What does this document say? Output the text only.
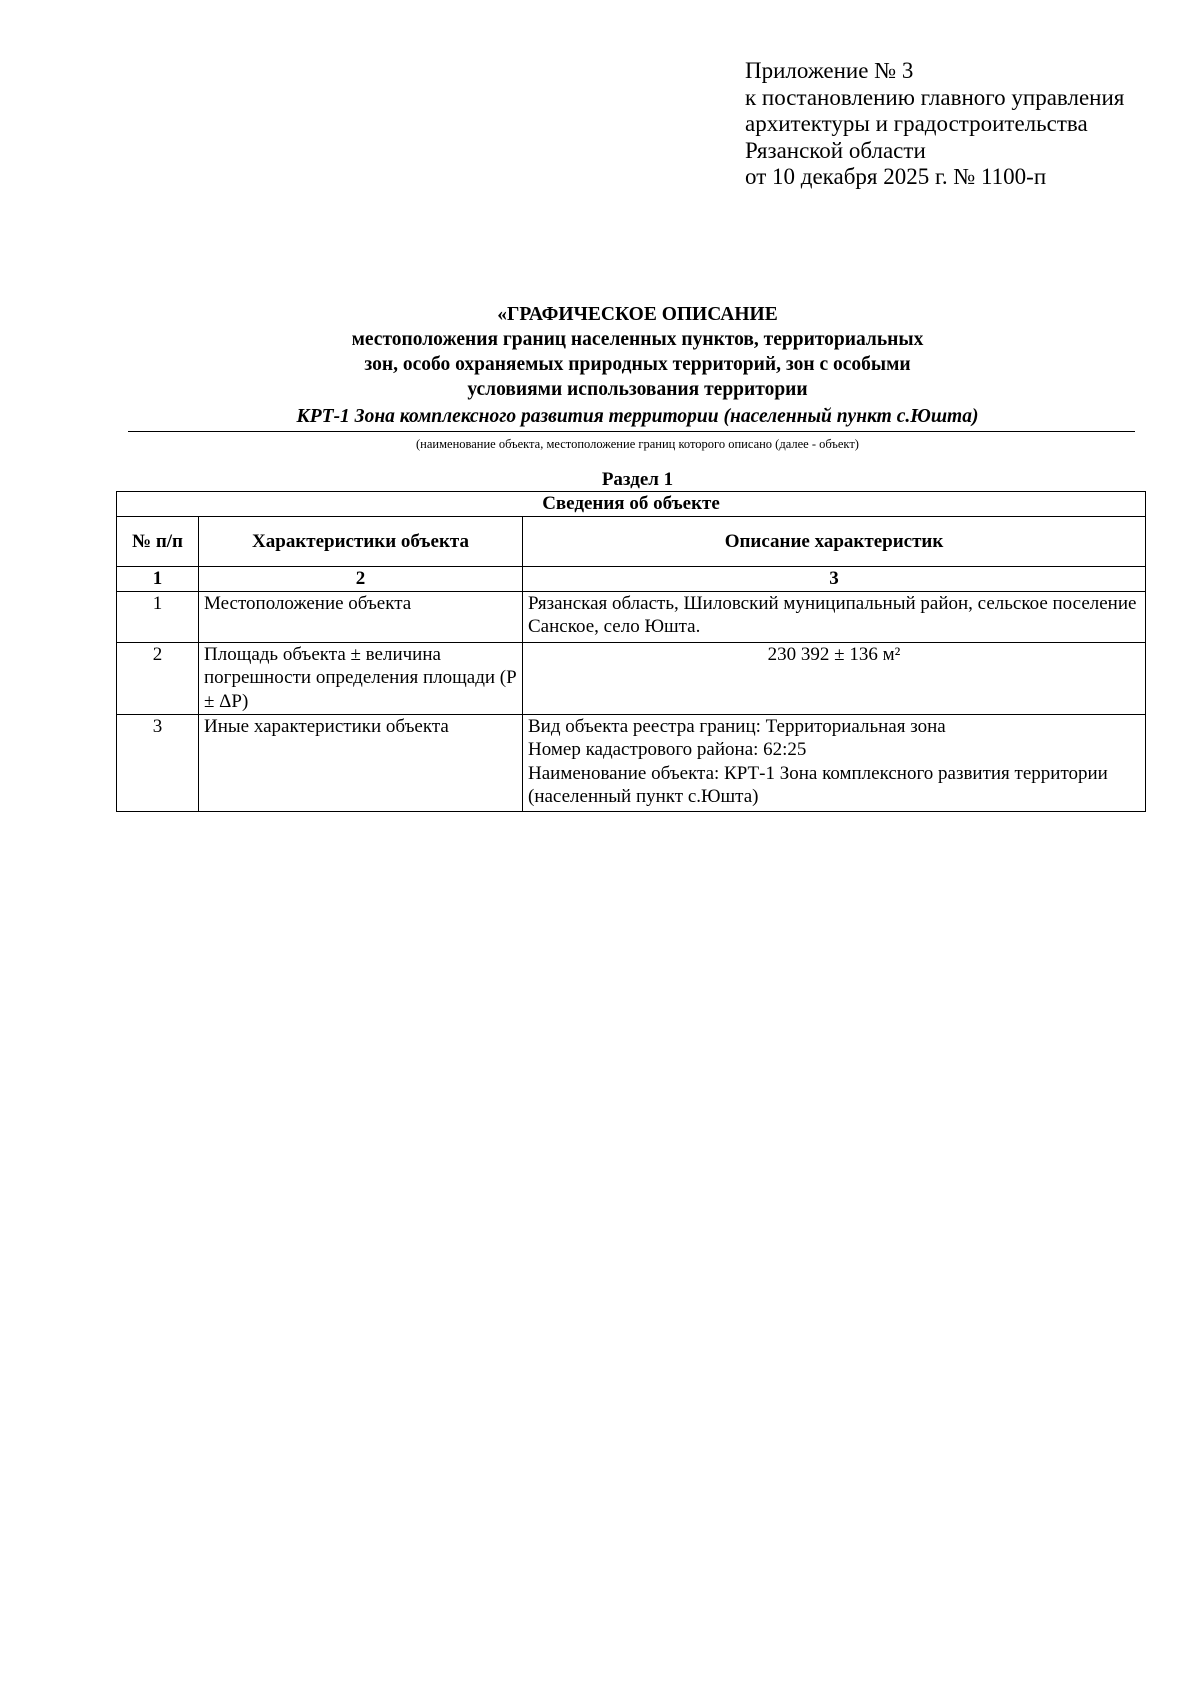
Приложение № 3
к постановлению главного управления
архитектуры и градостроительства
Рязанской области
от 10 декабря 2025 г. № 1100-п
«ГРАФИЧЕСКОЕ ОПИСАНИЕ
местоположения границ населенных пунктов, территориальных
зон, особо охраняемых природных территорий, зон с особыми
условиями использования территории
КРТ-1 Зона комплексного развития территории (населенный пункт с.Юшта)
(наименование объекта, местоположение границ которого описано (далее - объект)
Раздел 1
Сведения об объекте		
№ п/п	Характеристики объекта	Описание характеристик
1	2	3
1	Местоположение объекта	Рязанская область, Шиловский муниципальный район, сельское поселение Санское, село Юшта.
2	Площадь объекта ± величина погрешности определения площади (P ± ΔP)	230 392 ± 136 м²
3	Иные характеристики объекта	Вид объекта реестра границ: Территориальная зона
Номер кадастрового района: 62:25
Наименование объекта: КРТ-1 Зона комплексного развития территории (населенный пункт с.Юшта)
